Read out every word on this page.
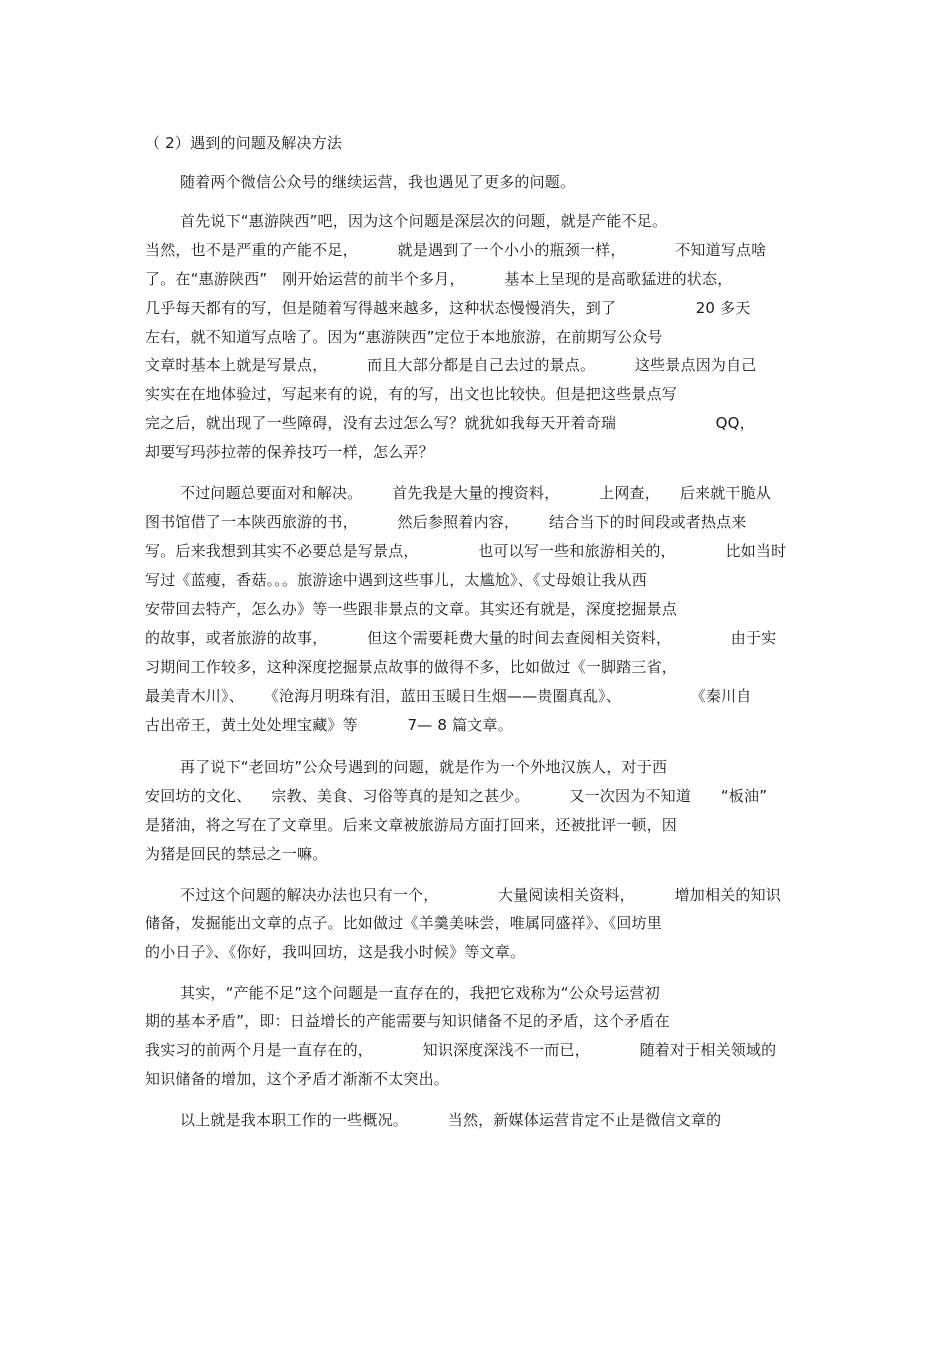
（ 2）遇到的问题及解决方法
随着两个微信公众号的继续运营，我也遇见了更多的问题。
首先说下“惠游陕西”吧，因为这个问题是深层次的问题，就是产能不足。
当然，也不是严重的产能不足，        就是遇到了一个小小的瓶颈一样，          不知道写点啥
了。在“惠游陕西”   刚开始运营的前半个多月，        基本上呈现的是高歌猛进的状态，
几乎每天都有的写，但是随着写得越来越多，这种状态慢慢消失，到了                20 多天
左右，就不知道写点啥了。因为“惠游陕西”定位于本地旅游，在前期写公众号
文章时基本上就是写景点，        而且大部分都是自己去过的景点。        这些景点因为自己
实实在在地体验过，写起来有的说，有的写，出文也比较快。但是把这些景点写
完之后，就出现了一些障碍，没有去过怎么写？就犹如我每天开着奇瑞                    QQ，
却要写玛莎拉蒂的保养技巧一样，怎么弄？
不过问题总要面对和解决。      首先我是大量的搜资料，        上网查，    后来就干脆从
图书馆借了一本陕西旅游的书，        然后参照着内容，      结合当下的时间段或者热点来
写。后来我想到其实不必要总是写景点，            也可以写一些和旅游相关的，          比如当时
写过《蓝瘦，香菇。。。旅游途中遇到这些事儿，太尴尬》、《丈母娘让我从西
安带回去特产，怎么办》等一些跟非景点的文章。其实还有就是，深度挖掘景点
的故事，或者旅游的故事，        但这个需要耗费大量的时间去查阅相关资料，            由于实
习期间工作较多，这种深度挖掘景点故事的做得不多，比如做过《一脚踏三省，
最美青木川》、    《沧海月明珠有泪，蓝田玉暖日生烟——贵圈真乱》、              《秦川自
古出帝王，黄土处处埋宝藏》等          7— 8 篇文章。
再了说下“老回坊”公众号遇到的问题，就是作为一个外地汉族人，对于西
安回坊的文化、    宗教、美食、习俗等真的是知之甚少。        又一次因为不知道      “板油”
是猪油，将之写在了文章里。后来文章被旅游局方面打回来，还被批评一顿，因
为猪是回民的禁忌之一嘛。
不过这个问题的解决办法也只有一个，            大量阅读相关资料，        增加相关的知识
储备，发掘能出文章的点子。比如做过《羊羹美味尝，唯属同盛祥》、《回坊里
的小日子》、《你好，我叫回坊，这是我小时候》等文章。
其实，“产能不足”这个问题是一直存在的，我把它戏称为“公众号运营初
期的基本矛盾”，即：日益增长的产能需要与知识储备不足的矛盾，这个矛盾在
我实习的前两个月是一直存在的，          知识深度深浅不一而已，          随着对于相关领域的
知识储备的增加，这个矛盾才渐渐不太突出。
以上就是我本职工作的一些概况。        当然，新媒体运营肯定不止是微信文章的
